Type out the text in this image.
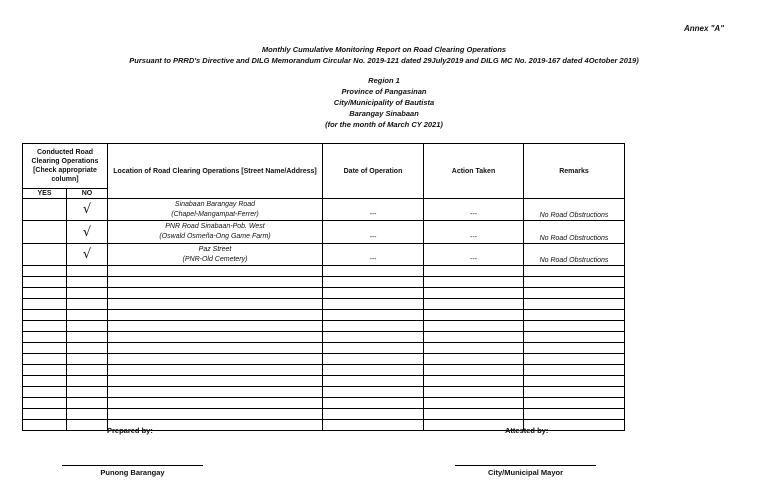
Annex "A"
Monthly Cumulative Monitoring Report on Road Clearing Operations
Pursuant to PRRD's Directive and DILG Memorandum Circular No. 2019-121 dated 29July2019 and DILG MC No. 2019-167 dated 4October 2019)
Region 1
Province of Pangasinan
City/Municipality of Bautista
Barangay Sinabaan
(for the month of March CY 2021)
Conducted Road Clearing Operations [Check appropriate column]		Location of Road Clearing Operations [Street Name/Address]	Date of Operation	Action Taken	Remarks
YES	NO				
	√	Sinabaan Barangay Road
(Chapel-Mangampat-Ferrer)	---	---	No Road Obstructions
	√	PNR Road Sinabaan-Pob. West
(Oswald Osmeña-Ong Game Farm)	---	---	No Road Obstructions
	√	Paz Street
(PNR-Old Cemetery)	---	---	No Road Obstructions

Prepared by:	Attested by:
Punong Barangay	City/Municipal Mayor
